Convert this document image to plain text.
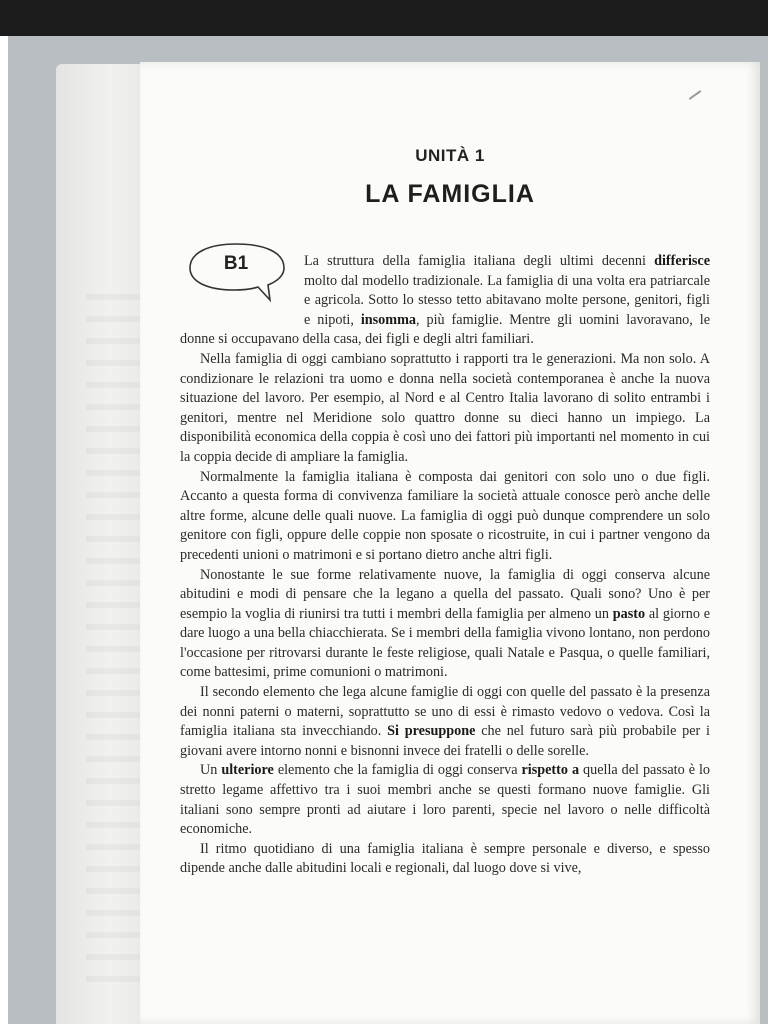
UNITÀ 1
LA FAMIGLIA
B1	La struttura della famiglia italiana degli ultimi decenni differisce molto dal modello tradizionale. La famiglia di una volta era patriarcale e agricola. Sotto lo stesso tetto abitavano molte persone, genitori, figli e nipoti, insomma, più famiglie. Mentre gli uomini lavoravano, le donne si occupavano della casa, dei figli e degli altri familiari.

Nella famiglia di oggi cambiano soprattutto i rapporti tra le generazioni. Ma non solo. A condizionare le relazioni tra uomo e donna nella società contemporanea è anche la nuova situazione del lavoro. Per esempio, al Nord e al Centro Italia lavorano di solito entrambi i genitori, mentre nel Meridione solo quattro donne su dieci hanno un impiego. La disponibilità economica della coppia è così uno dei fattori più importanti nel momento in cui la coppia decide di ampliare la famiglia.

Normalmente la famiglia italiana è composta dai genitori con solo uno o due figli. Accanto a questa forma di convivenza familiare la società attuale conosce però anche delle altre forme, alcune delle quali nuove. La famiglia di oggi può dunque comprendere un solo genitore con figli, oppure delle coppie non sposate o ricostruite, in cui i partner vengono da precedenti unioni o matrimoni e si portano dietro anche altri figli.

Nonostante le sue forme relativamente nuove, la famiglia di oggi conserva alcune abitudini e modi di pensare che la legano a quella del passato. Quali sono? Uno è per esempio la voglia di riunirsi tra tutti i membri della famiglia per almeno un pasto al giorno e dare luogo a una bella chiacchierata. Se i membri della famiglia vivono lontano, non perdono l'occasione per ritrovarsi durante le feste religiose, quali Natale e Pasqua, o quelle familiari, come battesimi, prime comunioni o matrimoni.

Il secondo elemento che lega alcune famiglie di oggi con quelle del passato è la presenza dei nonni paterni o materni, soprattutto se uno di essi è rimasto vedovo o vedova. Così la famiglia italiana sta invecchiando. Si presuppone che nel futuro sarà più probabile per i giovani avere intorno nonni e bisnonni invece dei fratelli o delle sorelle.

Un ulteriore elemento che la famiglia di oggi conserva rispetto a quella del passato è lo stretto legame affettivo tra i suoi membri anche se questi formano nuove famiglie. Gli italiani sono sempre pronti ad aiutare i loro parenti, specie nel lavoro o nelle difficoltà economiche.

Il ritmo quotidiano di una famiglia italiana è sempre personale e diverso, e spesso dipende anche dalle abitudini locali e regionali, dal luogo dove si vive,
